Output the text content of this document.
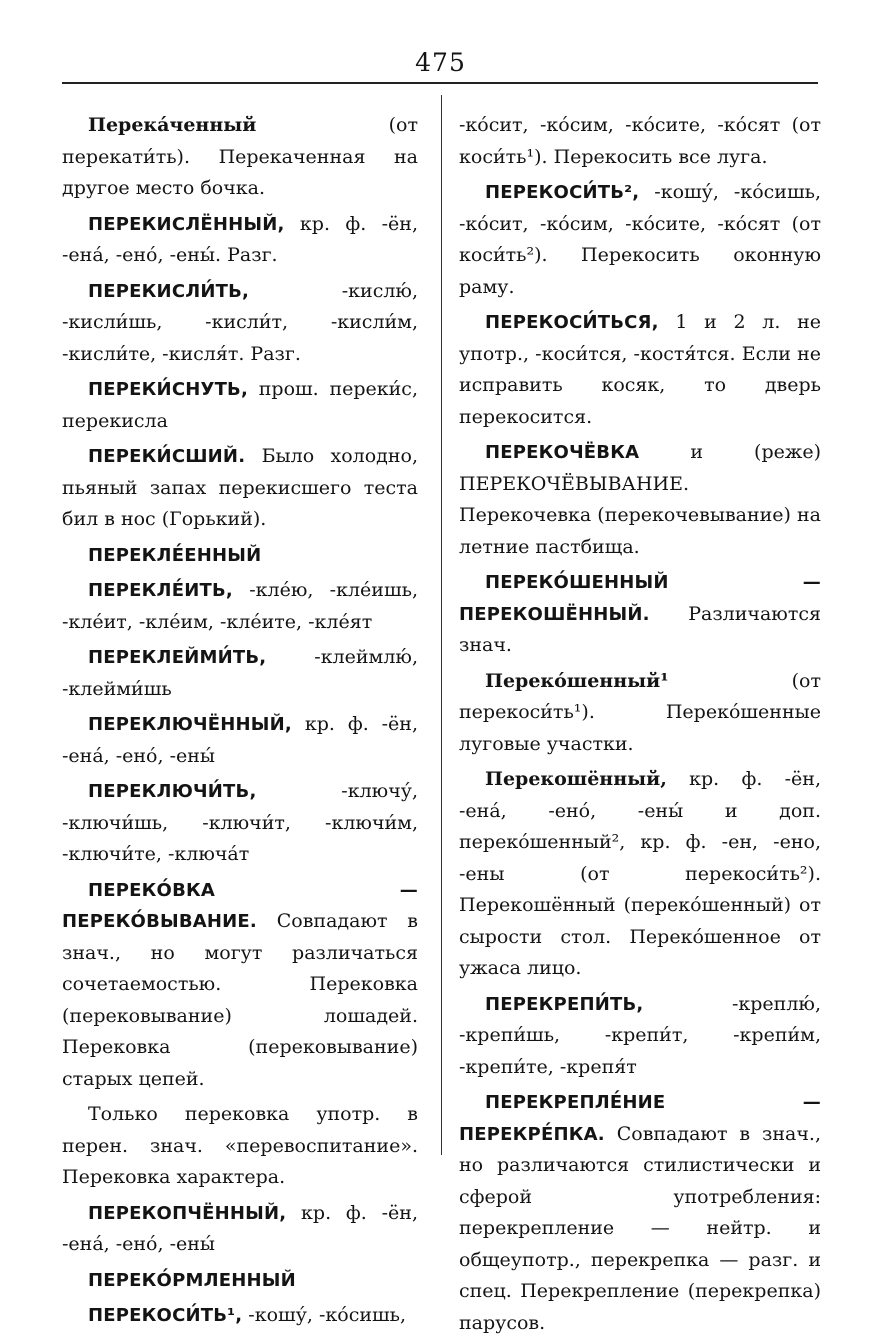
475

Перека́ченный (от перекати́ть). Перекаченная на другое место бочка.

ПЕРЕКИСЛЁННЫЙ, кр. ф. -ён, -ена́, -ено́, -ены́. Разг.

ПЕРЕКИСЛИ́ТЬ, -кислю́, -кисли́шь, -кисли́т, -кисли́м, -кисли́те, -кисля́т. Разг.

ПЕРЕКИ́СНУТЬ, прош. переки́с, перекисла

ПЕРЕКИ́СШИЙ. Было холодно, пьяный запах перекисшего теста бил в нос (Горький).

ПЕРЕКЛЕ́ЕННЫЙ

ПЕРЕКЛЕ́ИТЬ, -кле́ю, -кле́ишь, -кле́ит, -кле́им, -кле́ите, -кле́ят

ПЕРЕКЛЕЙМИ́ТЬ, -клеймлю́, -клейми́шь

ПЕРЕКЛЮЧЁННЫЙ, кр. ф. -ён, -ена́, -ено́, -ены́

ПЕРЕКЛЮЧИ́ТЬ, -ключу́, -ключи́шь, -ключи́т, -ключи́м, -ключи́те, -ключа́т

ПЕРЕКО́ВКА — ПЕРЕКО́ВЫВАНИЕ. Совпадают в знач., но могут различаться сочетаемостью. Перековка (перековывание) лошадей. Перековка (перековывание) старых цепей.

Только перековка употр. в перен. знач. «перевоспитание». Перековка характера.

ПЕРЕКОПЧЁННЫЙ, кр. ф. -ён, -ена́, -ено́, -ены́

ПЕРЕКО́РМЛЕННЫЙ

ПЕРЕКОСИ́ТЬ¹, -кошу́, -ко́сишь,

-ко́сит, -ко́сим, -ко́сите, -ко́сят (от коси́ть¹). Перекосить все луга.

ПЕРЕКОСИ́ТЬ², -кошу́, -ко́сишь, -ко́сит, -ко́сим, -ко́сите, -ко́сят (от коси́ть²). Перекосить оконную раму.

ПЕРЕКОСИ́ТЬСЯ, 1 и 2 л. не употр., -коси́тся, -костя́тся. Если не исправить косяк, то дверь перекосится.

ПЕРЕКОЧЁВКА и (реже) ПЕРЕКОЧЁВЫВАНИЕ. Перекочевка (перекочевывание) на летние пастбища.

ПЕРЕКО́ШЕННЫЙ — ПЕРЕКОШЁННЫЙ. Различаются знач.

Переко́шенный¹ (от перекоси́ть¹). Переко́шенные луговые участки.

Перекошённый, кр. ф. -ён, -ена́, -ено́, -ены́ и доп. переко́шенный², кр. ф. -ен, -ено, -ены (от перекоси́ть²). Перекошённый (переко́шенный) от сырости стол. Переко́шенное от ужаса лицо.

ПЕРЕКРЕПИ́ТЬ, -креплю́, -крепи́шь, -крепи́т, -крепи́м, -крепи́те, -крепя́т

ПЕРЕКРЕПЛЕ́НИЕ — ПЕРЕКРЕ́ПКА. Совпадают в знач., но различаются стилистически и сферой употребления: перекрепление — нейтр. и общеупотр., перекрепка — разг. и спец. Перекрепление (перекрепка) парусов.
